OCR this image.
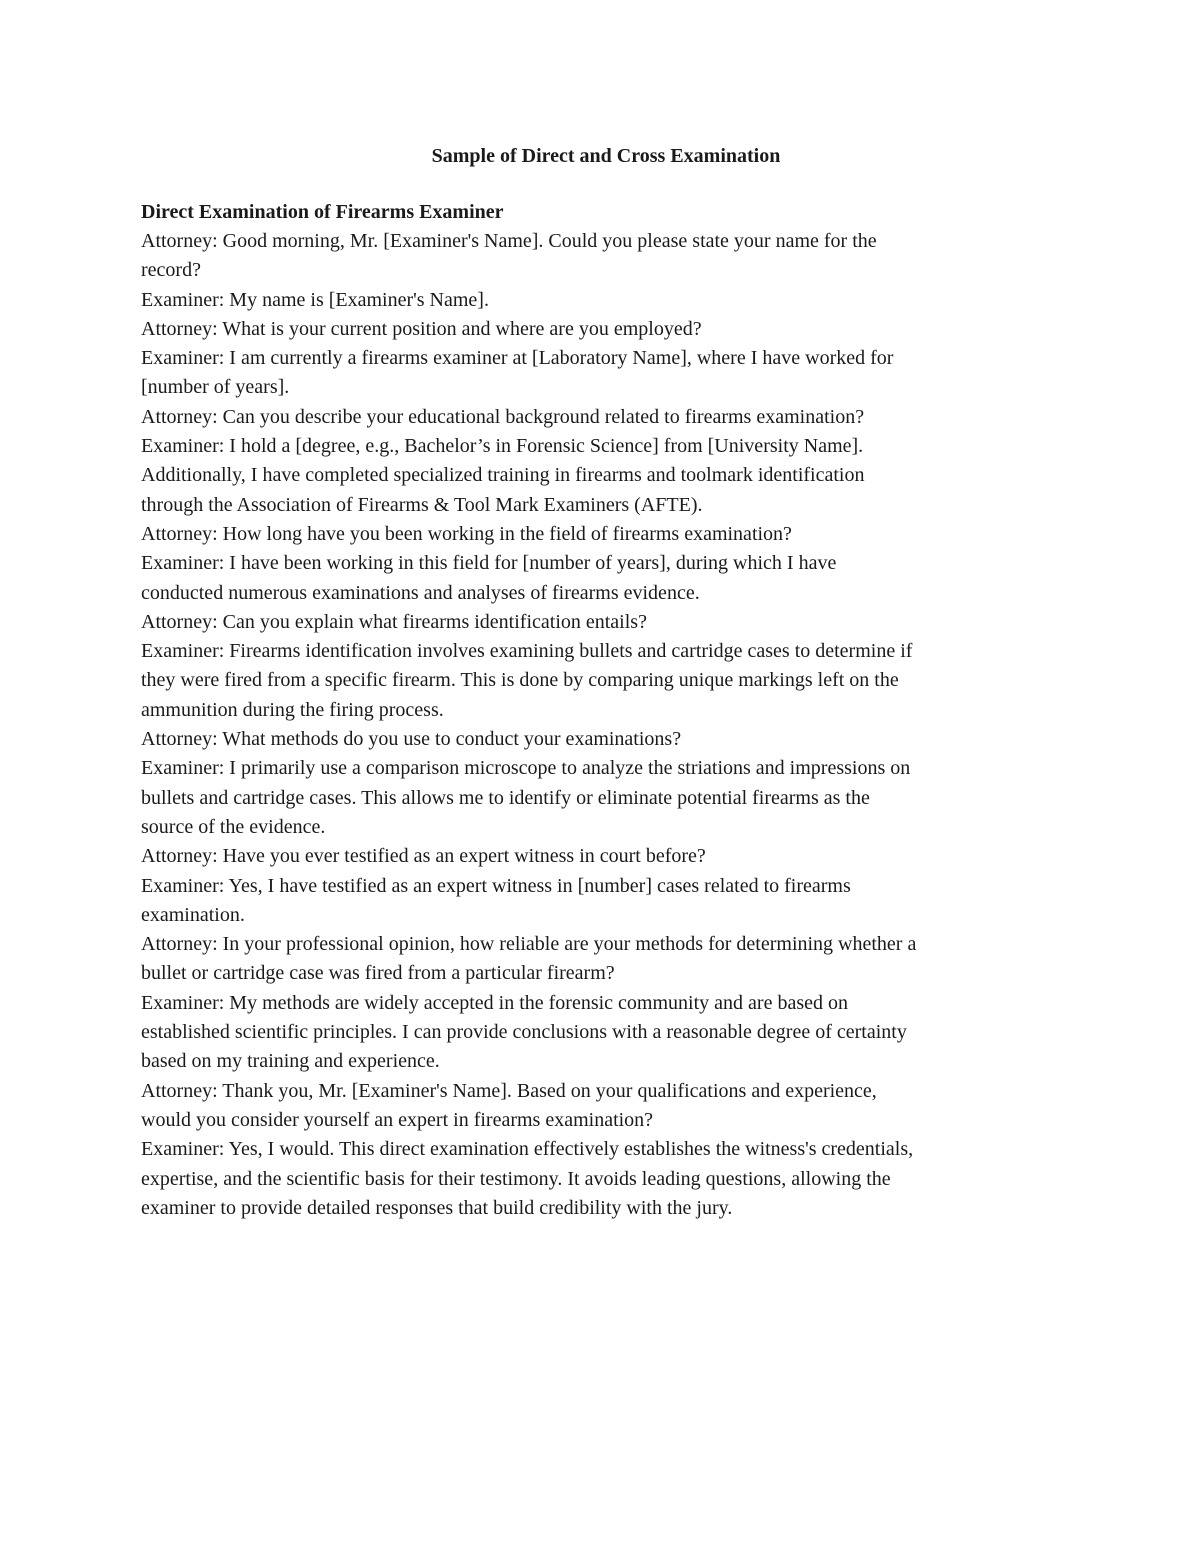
Sample of Direct and Cross Examination
Direct Examination of Firearms Examiner

Attorney: Good morning, Mr. [Examiner's Name]. Could you please state your name for the

record?

Examiner: My name is [Examiner's Name].

Attorney: What is your current position and where are you employed?

Examiner: I am currently a firearms examiner at [Laboratory Name], where I have worked for

[number of years].

Attorney: Can you describe your educational background related to firearms examination?

Examiner: I hold a [degree, e.g., Bachelor’s in Forensic Science] from [University Name].

Additionally, I have completed specialized training in firearms and toolmark identification

through the Association of Firearms & Tool Mark Examiners (AFTE).

Attorney: How long have you been working in the field of firearms examination?

Examiner: I have been working in this field for [number of years], during which I have

conducted numerous examinations and analyses of firearms evidence.

Attorney: Can you explain what firearms identification entails?

Examiner: Firearms identification involves examining bullets and cartridge cases to determine if

they were fired from a specific firearm. This is done by comparing unique markings left on the

ammunition during the firing process.

Attorney: What methods do you use to conduct your examinations?

Examiner: I primarily use a comparison microscope to analyze the striations and impressions on

bullets and cartridge cases. This allows me to identify or eliminate potential firearms as the

source of the evidence.

Attorney: Have you ever testified as an expert witness in court before?

Examiner: Yes, I have testified as an expert witness in [number] cases related to firearms

examination.

Attorney: In your professional opinion, how reliable are your methods for determining whether a

bullet or cartridge case was fired from a particular firearm?

Examiner: My methods are widely accepted in the forensic community and are based on

established scientific principles. I can provide conclusions with a reasonable degree of certainty

based on my training and experience.

Attorney: Thank you, Mr. [Examiner's Name]. Based on your qualifications and experience,

would you consider yourself an expert in firearms examination?

Examiner: Yes, I would. This direct examination effectively establishes the witness's credentials,

expertise, and the scientific basis for their testimony. It avoids leading questions, allowing the

examiner to provide detailed responses that build credibility with the jury.
